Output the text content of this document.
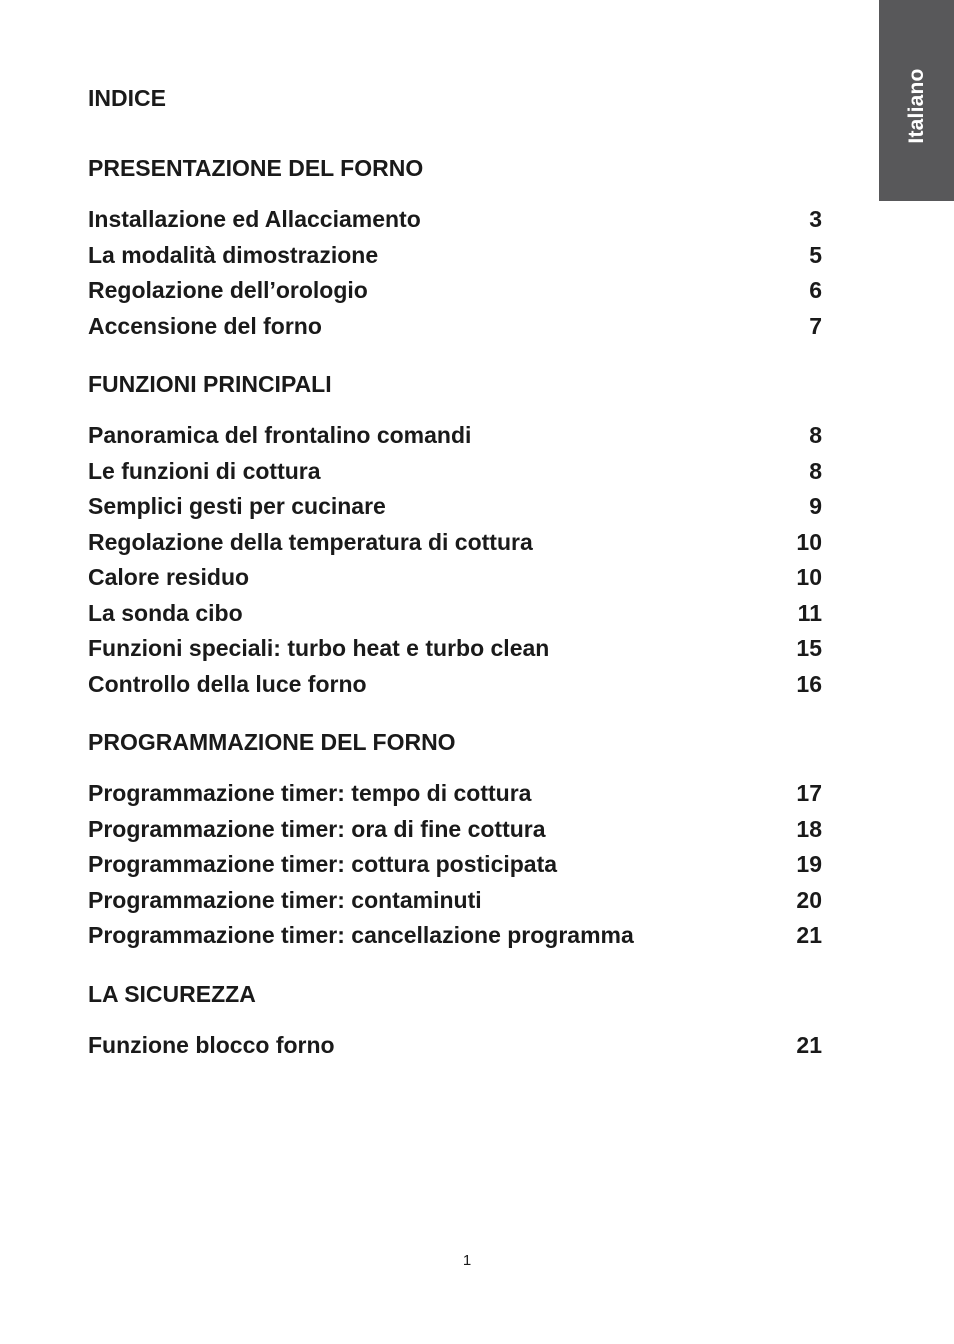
Italiano
INDICE
PRESENTAZIONE DEL FORNO
Installazione ed Allacciamento	3
La modalità dimostrazione	5
Regolazione dell’orologio	6
Accensione del forno	7
FUNZIONI PRINCIPALI
Panoramica del frontalino comandi	8
Le funzioni di cottura	8
Semplici gesti per cucinare	9
Regolazione della temperatura di cottura	10
Calore residuo	10
La sonda cibo	11
Funzioni speciali: turbo heat e turbo clean	15
Controllo della luce forno	16
PROGRAMMAZIONE DEL FORNO
Programmazione timer: tempo di cottura	17
Programmazione timer: ora di fine cottura	18
Programmazione timer: cottura posticipata	19
Programmazione timer: contaminuti	20
Programmazione timer: cancellazione programma	21
LA SICUREZZA
Funzione blocco forno	21
1
